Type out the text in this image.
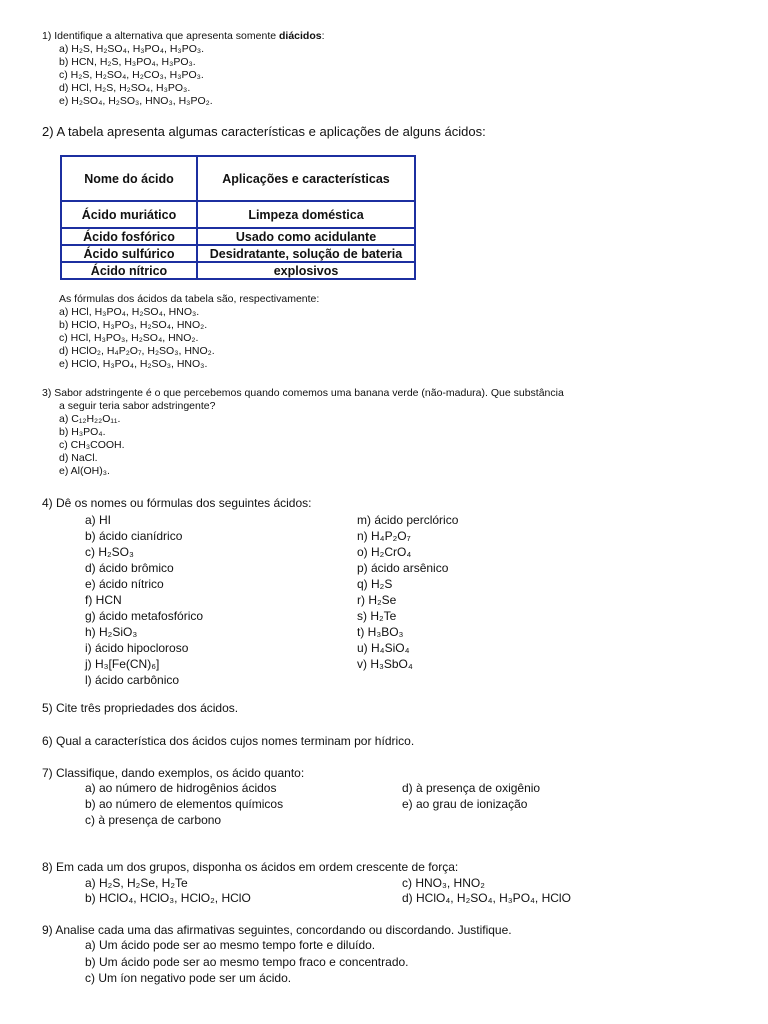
1) Identifique a alternativa que apresenta somente diácidos:
a) H₂S, H₂SO₄, H₃PO₄, H₃PO₃.
b) HCN, H₂S, H₃PO₄, H₃PO₃.
c) H₂S, H₂SO₄, H₂CO₃, H₃PO₃.
d) HCl, H₂S, H₂SO₄, H₃PO₃.
e) H₂SO₄, H₂SO₃, HNO₃, H₃PO₂.
2) A tabela apresenta algumas características e aplicações de alguns ácidos:
Nome do ácido	Aplicações e características
Ácido muriático	Limpeza doméstica
Ácido fosfórico	Usado como acidulante
Ácido sulfúrico	Desidratante, solução de bateria
Ácido nítrico	explosivos
As fórmulas dos ácidos da tabela são, respectivamente:
a) HCl, H₃PO₄, H₂SO₄, HNO₃.
b) HClO, H₃PO₃, H₂SO₄, HNO₂.
c) HCl, H₃PO₃, H₂SO₄, HNO₂.
d) HClO₂, H₄P₂O₇, H₂SO₃, HNO₂.
e) HClO, H₃PO₄, H₂SO₃, HNO₃.
3) Sabor adstringente é o que percebemos quando comemos uma banana verde (não-madura). Que substância
a seguir teria sabor adstringente?
a) C₁₂H₂₂O₁₁.
b) H₃PO₄.
c) CH₃COOH.
d) NaCl.
e) Al(OH)₃.
4) Dê os nomes ou fórmulas dos seguintes ácidos:
a) HI
b) ácido cianídrico
c) H₂SO₃
d) ácido brômico
e) ácido nítrico
f) HCN
g) ácido metafosfórico
h) H₂SiO₃
i) ácido hipocloroso
j) H₃[Fe(CN)₆]
l) ácido carbônico
m) ácido perclórico
n) H₄P₂O₇
o) H₂CrO₄
p) ácido arsênico
q) H₂S
r) H₂Se
s) H₂Te
t) H₃BO₃
u) H₄SiO₄
v) H₃SbO₄
5) Cite três propriedades dos ácidos.
6) Qual a característica dos ácidos cujos nomes terminam por hídrico.
7) Classifique, dando exemplos, os ácido quanto:
a) ao número de hidrogênios ácidos
b) ao número de elementos químicos
c) à presença de carbono
d) à presença de oxigênio
e) ao grau de ionização
8) Em cada um dos grupos, disponha os ácidos em ordem crescente de força:
a) H₂S, H₂Se, H₂Te
b) HClO₄, HClO₃, HClO₂, HClO
c) HNO₃, HNO₂
d) HClO₄, H₂SO₄, H₃PO₄, HClO
9) Analise cada uma das afirmativas seguintes, concordando ou discordando. Justifique.
a) Um ácido pode ser ao mesmo tempo forte e diluído.
b) Um ácido pode ser ao mesmo tempo fraco e concentrado.
c) Um íon negativo pode ser um ácido.
